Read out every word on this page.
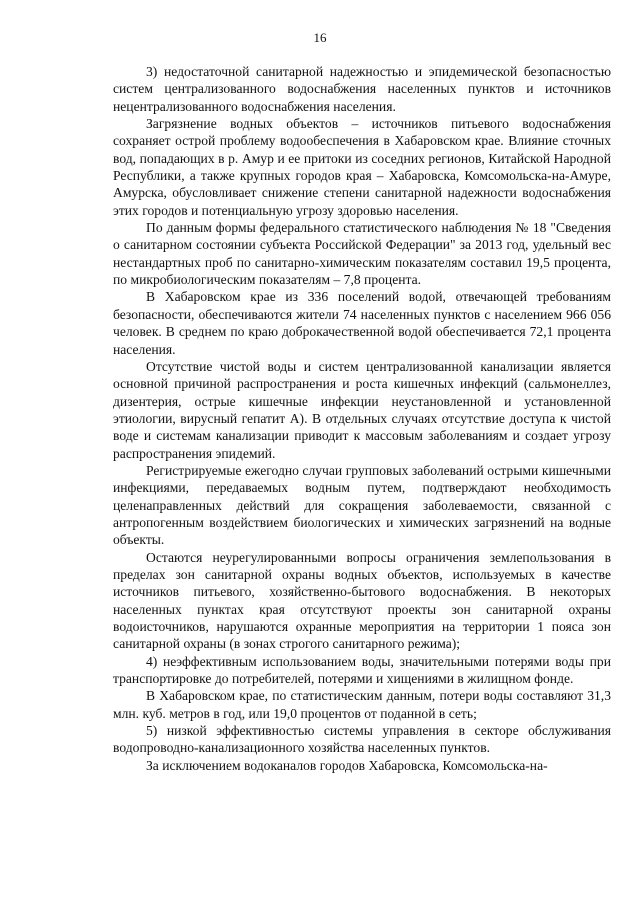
16

3) недостаточной санитарной надежностью и эпидемической безопасностью систем централизованного водоснабжения населенных пунктов и источников нецентрализованного водоснабжения населения.

Загрязнение водных объектов – источников питьевого водоснабжения сохраняет острой проблему водообеспечения в Хабаровском крае. Влияние сточных вод, попадающих в р. Амур и ее притоки из соседних регионов, Китайской Народной Республики, а также крупных городов края – Хабаровска, Комсомольска-на-Амуре, Амурска, обусловливает снижение степени санитарной надежности водоснабжения этих городов и потенциальную угрозу здоровью населения.

По данным формы федерального статистического наблюдения № 18 "Сведения о санитарном состоянии субъекта Российской Федерации" за 2013 год, удельный вес нестандартных проб по санитарно-химическим показателям составил 19,5 процента, по микробиологическим показателям – 7,8 процента.

В Хабаровском крае из 336 поселений водой, отвечающей требованиям безопасности, обеспечиваются жители 74 населенных пунктов с населением 966 056 человек. В среднем по краю доброкачественной водой обеспечивается 72,1 процента населения.

Отсутствие чистой воды и систем централизованной канализации является основной причиной распространения и роста кишечных инфекций (сальмонеллез, дизентерия, острые кишечные инфекции неустановленной и установленной этиологии, вирусный гепатит А). В отдельных случаях отсутствие доступа к чистой воде и системам канализации приводит к массовым заболеваниям и создает угрозу распространения эпидемий.

Регистрируемые ежегодно случаи групповых заболеваний острыми кишечными инфекциями, передаваемых водным путем, подтверждают необходимость целенаправленных действий для сокращения заболеваемости, связанной с антропогенным воздействием биологических и химических загрязнений на водные объекты.

Остаются неурегулированными вопросы ограничения землепользования в пределах зон санитарной охраны водных объектов, используемых в качестве источников питьевого, хозяйственно-бытового водоснабжения. В некоторых населенных пунктах края отсутствуют проекты зон санитарной охраны водоисточников, нарушаются охранные мероприятия на территории 1 пояса зон санитарной охраны (в зонах строгого санитарного режима);

4) неэффективным использованием воды, значительными потерями воды при транспортировке до потребителей, потерями и хищениями в жилищном фонде.

В Хабаровском крае, по статистическим данным, потери воды составляют 31,3 млн. куб. метров в год, или 19,0 процентов от поданной в сеть;

5) низкой эффективностью системы управления в секторе обслуживания водопроводно-канализационного хозяйства населенных пунктов.

За исключением водоканалов городов Хабаровска, Комсомольска-на-
